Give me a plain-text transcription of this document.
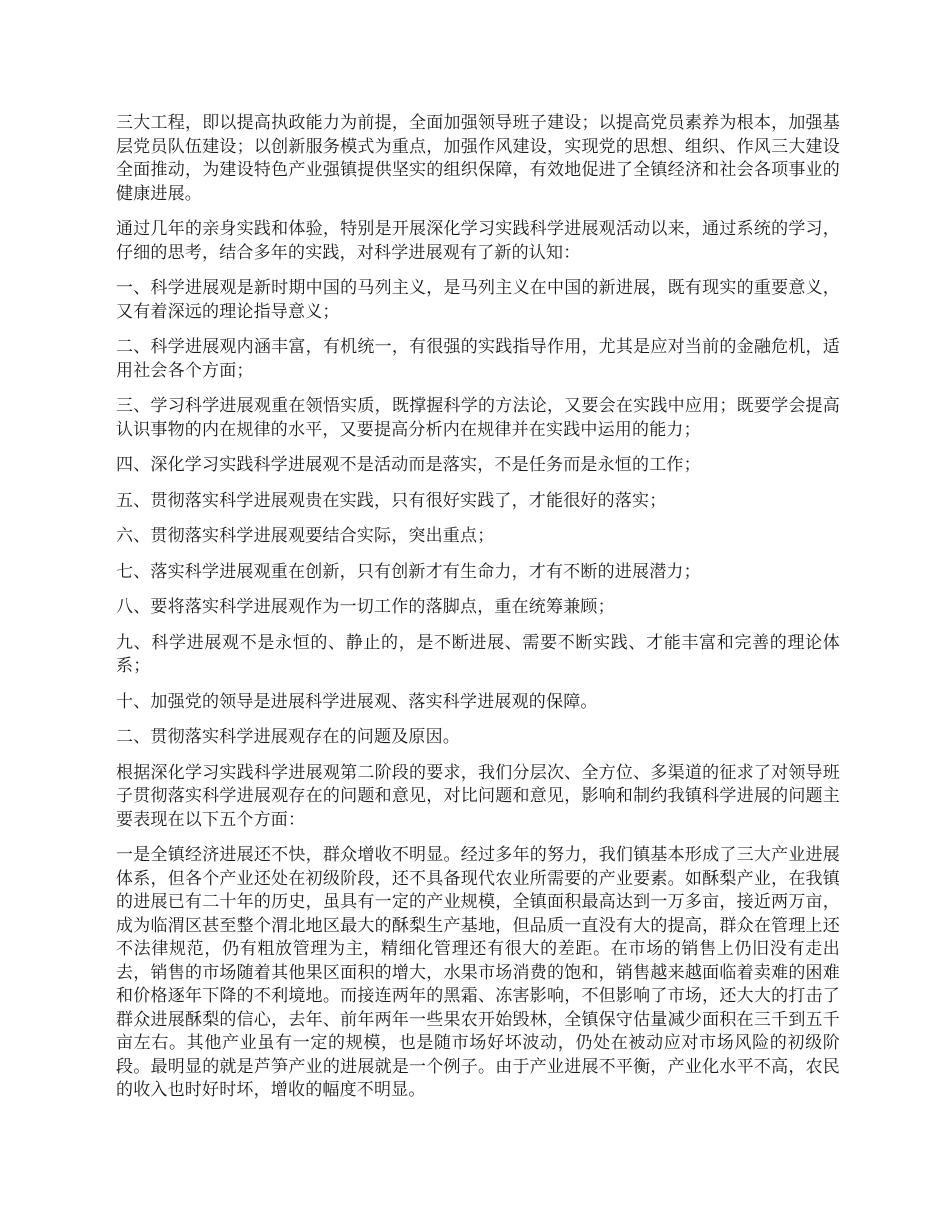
三大工程，即以提高执政能力为前提，全面加强领导班子建设；以提高党员素养为根本，加强基层党员队伍建设；以创新服务模式为重点，加强作风建设，实现党的思想、组织、作风三大建设全面推动，为建设特色产业强镇提供坚实的组织保障，有效地促进了全镇经济和社会各项事业的健康进展。

通过几年的亲身实践和体验，特别是开展深化学习实践科学进展观活动以来，通过系统的学习，仔细的思考，结合多年的实践，对科学进展观有了新的认知：

一、科学进展观是新时期中国的马列主义，是马列主义在中国的新进展，既有现实的重要意义，又有着深远的理论指导意义；

二、科学进展观内涵丰富，有机统一，有很强的实践指导作用，尤其是应对当前的金融危机，适用社会各个方面；

三、学习科学进展观重在领悟实质，既撑握科学的方法论，又要会在实践中应用；既要学会提高认识事物的内在规律的水平，又要提高分析内在规律并在实践中运用的能力；

四、深化学习实践科学进展观不是活动而是落实，不是任务而是永恒的工作；

五、贯彻落实科学进展观贵在实践，只有很好实践了，才能很好的落实；

六、贯彻落实科学进展观要结合实际，突出重点；

七、落实科学进展观重在创新，只有创新才有生命力，才有不断的进展潜力；

八、要将落实科学进展观作为一切工作的落脚点，重在统筹兼顾；

九、科学进展观不是永恒的、静止的，是不断进展、需要不断实践、才能丰富和完善的理论体系；

十、加强党的领导是进展科学进展观、落实科学进展观的保障。

二、贯彻落实科学进展观存在的问题及原因。

根据深化学习实践科学进展观第二阶段的要求，我们分层次、全方位、多渠道的征求了对领导班子贯彻落实科学进展观存在的问题和意见，对比问题和意见，影响和制约我镇科学进展的问题主要表现在以下五个方面：

一是全镇经济进展还不快，群众增收不明显。经过多年的努力，我们镇基本形成了三大产业进展体系，但各个产业还处在初级阶段，还不具备现代农业所需要的产业要素。如酥梨产业，在我镇的进展已有二十年的历史，虽具有一定的产业规模，全镇面积最高达到一万多亩，接近两万亩，成为临渭区甚至整个渭北地区最大的酥梨生产基地，但品质一直没有大的提高，群众在管理上还不法律规范，仍有粗放管理为主，精细化管理还有很大的差距。在市场的销售上仍旧没有走出去，销售的市场随着其他果区面积的增大，水果市场消费的饱和，销售越来越面临着卖难的困难和价格逐年下降的不利境地。而接连两年的黑霜、冻害影响，不但影响了市场，还大大的打击了群众进展酥梨的信心，去年、前年两年一些果农开始毁林，全镇保守估量减少面积在三千到五千亩左右。其他产业虽有一定的规模，也是随市场好坏波动，仍处在被动应对市场风险的初级阶段。最明显的就是芦笋产业的进展就是一个例子。由于产业进展不平衡，产业化水平不高，农民的收入也时好时坏，增收的幅度不明显。
